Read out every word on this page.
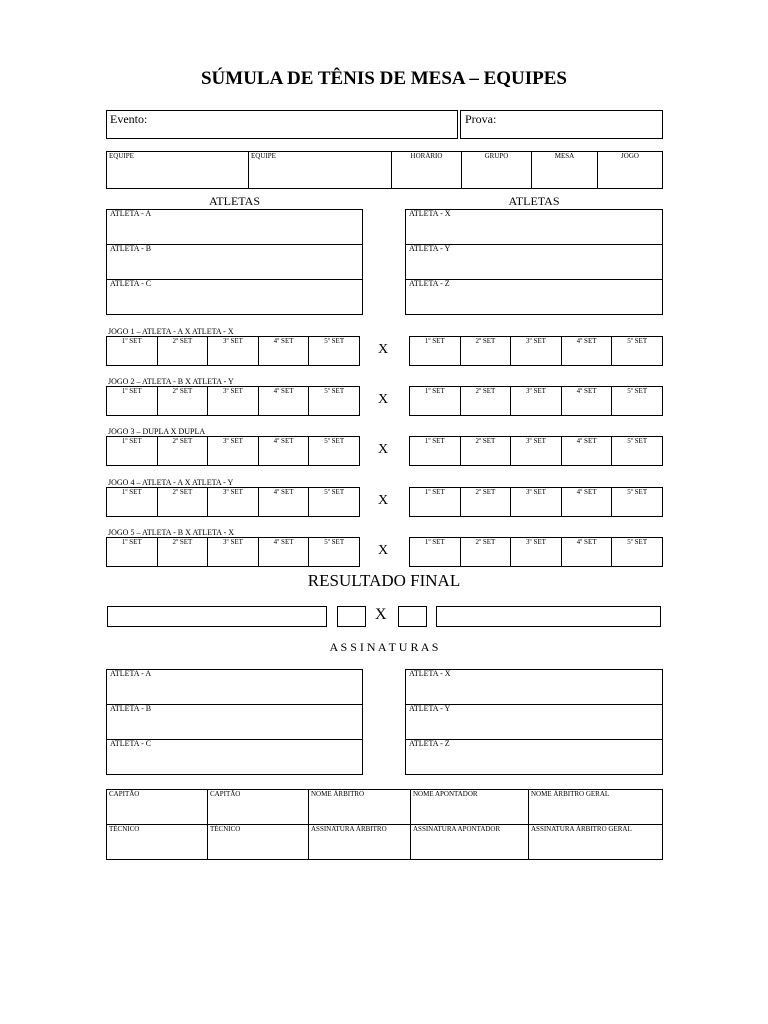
SÚMULA DE TÊNIS DE MESA – EQUIPES
Evento:	Prova:
EQUIPE	EQUIPE	HORÁRIO	GRUPO	MESA	JOGO
ATLETAS	ATLETAS
ATLETA - A
ATLETA - B
ATLETA - C
ATLETA - X
ATLETA - Y
ATLETA - Z
JOGO 1 – ATLETA - A X ATLETA - X
1º SET	2º SET	3º SET	4º SET	5º SET	1º SET	2º SET	3º SET	4º SET	5º SET
X
JOGO 2 – ATLETA - B X ATLETA - Y
1º SET	2º SET	3º SET	4º SET	5º SET	1º SET	2º SET	3º SET	4º SET	5º SET
X
JOGO 3 – DUPLA X DUPLA
1º SET	2º SET	3º SET	4º SET	5º SET	1º SET	2º SET	3º SET	4º SET	5º SET
X
JOGO 4 – ATLETA - A X ATLETA - Y
1º SET	2º SET	3º SET	4º SET	5º SET	1º SET	2º SET	3º SET	4º SET	5º SET
X
JOGO 5 – ATLETA - B X ATLETA - X
1º SET	2º SET	3º SET	4º SET	5º SET	1º SET	2º SET	3º SET	4º SET	5º SET
X
RESULTADO FINAL
X
A S S I N A T U R A S
ATLETA - A
ATLETA - B
ATLETA - C
ATLETA - X
ATLETA - Y
ATLETA - Z
CAPITÃO	CAPITÃO	NOME ÁRBITRO	NOME APONTADOR	NOME ÁRBITRO GERAL
TÉCNICO	TÉCNICO	ASSINATURA ÁRBITRO	ASSINATURA APONTADOR	ASSINATURA ÁRBITRO GERAL
